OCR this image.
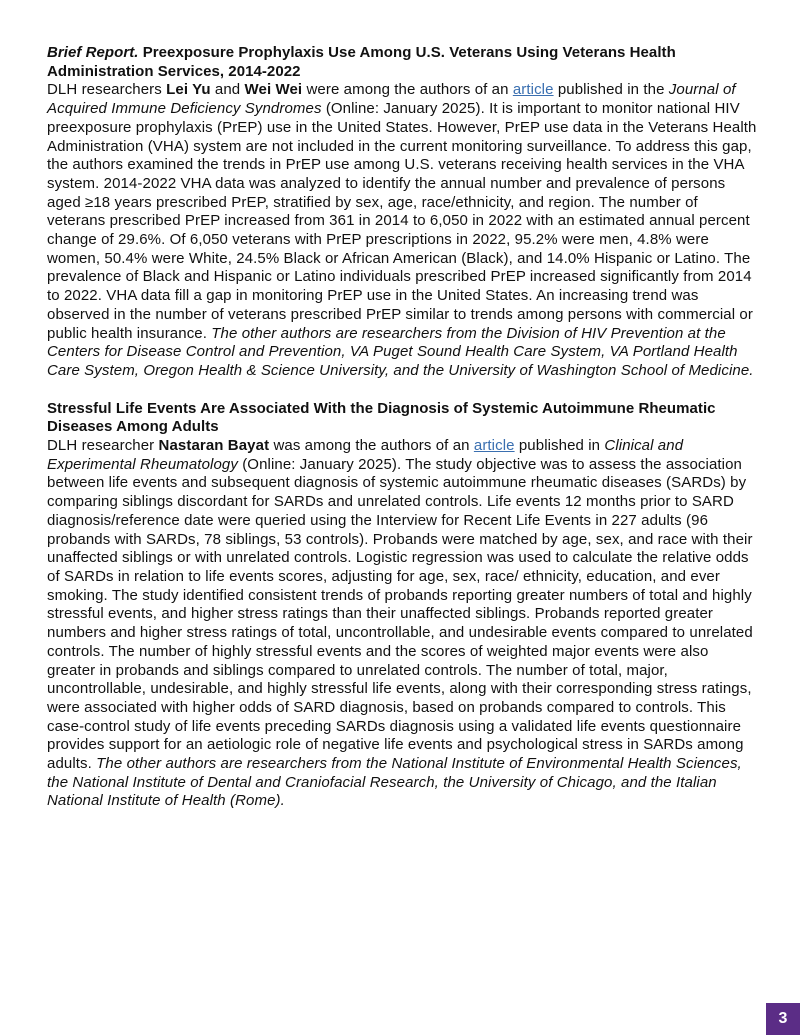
Brief Report. Preexposure Prophylaxis Use Among U.S. Veterans Using Veterans Health Administration Services, 2014-2022

DLH researchers Lei Yu and Wei Wei were among the authors of an article published in the Journal of Acquired Immune Deficiency Syndromes (Online: January 2025). It is important to monitor national HIV preexposure prophylaxis (PrEP) use in the United States. However, PrEP use data in the Veterans Health Administration (VHA) system are not included in the current monitoring surveillance. To address this gap, the authors examined the trends in PrEP use among U.S. veterans receiving health services in the VHA system. 2014-2022 VHA data was analyzed to identify the annual number and prevalence of persons aged ≥18 years prescribed PrEP, stratified by sex, age, race/ethnicity, and region. The number of veterans prescribed PrEP increased from 361 in 2014 to 6,050 in 2022 with an estimated annual percent change of 29.6%. Of 6,050 veterans with PrEP prescriptions in 2022, 95.2% were men, 4.8% were women, 50.4% were White, 24.5% Black or African American (Black), and 14.0% Hispanic or Latino. The prevalence of Black and Hispanic or Latino individuals prescribed PrEP increased significantly from 2014 to 2022. VHA data fill a gap in monitoring PrEP use in the United States. An increasing trend was observed in the number of veterans prescribed PrEP similar to trends among persons with commercial or public health insurance. The other authors are researchers from the Division of HIV Prevention at the Centers for Disease Control and Prevention, VA Puget Sound Health Care System, VA Portland Health Care System, Oregon Health & Science University, and the University of Washington School of Medicine.

Stressful Life Events Are Associated With the Diagnosis of Systemic Autoimmune Rheumatic Diseases Among Adults

DLH researcher Nastaran Bayat was among the authors of an article published in Clinical and Experimental Rheumatology (Online: January 2025). The study objective was to assess the association between life events and subsequent diagnosis of systemic autoimmune rheumatic diseases (SARDs) by comparing siblings discordant for SARDs and unrelated controls. Life events 12 months prior to SARD diagnosis/reference date were queried using the Interview for Recent Life Events in 227 adults (96 probands with SARDs, 78 siblings, 53 controls). Probands were matched by age, sex, and race with their unaffected siblings or with unrelated controls. Logistic regression was used to calculate the relative odds of SARDs in relation to life events scores, adjusting for age, sex, race/ ethnicity, education, and ever smoking. The study identified consistent trends of probands reporting greater numbers of total and highly stressful events, and higher stress ratings than their unaffected siblings. Probands reported greater numbers and higher stress ratings of total, uncontrollable, and undesirable events compared to unrelated controls. The number of highly stressful events and the scores of weighted major events were also greater in probands and siblings compared to unrelated controls. The number of total, major, uncontrollable, undesirable, and highly stressful life events, along with their corresponding stress ratings, were associated with higher odds of SARD diagnosis, based on probands compared to controls. This case-control study of life events preceding SARDs diagnosis using a validated life events questionnaire provides support for an aetiologic role of negative life events and psychological stress in SARDs among adults. The other authors are researchers from the National Institute of Environmental Health Sciences, the National Institute of Dental and Craniofacial Research, the University of Chicago, and the Italian National Institute of Health (Rome).

3
